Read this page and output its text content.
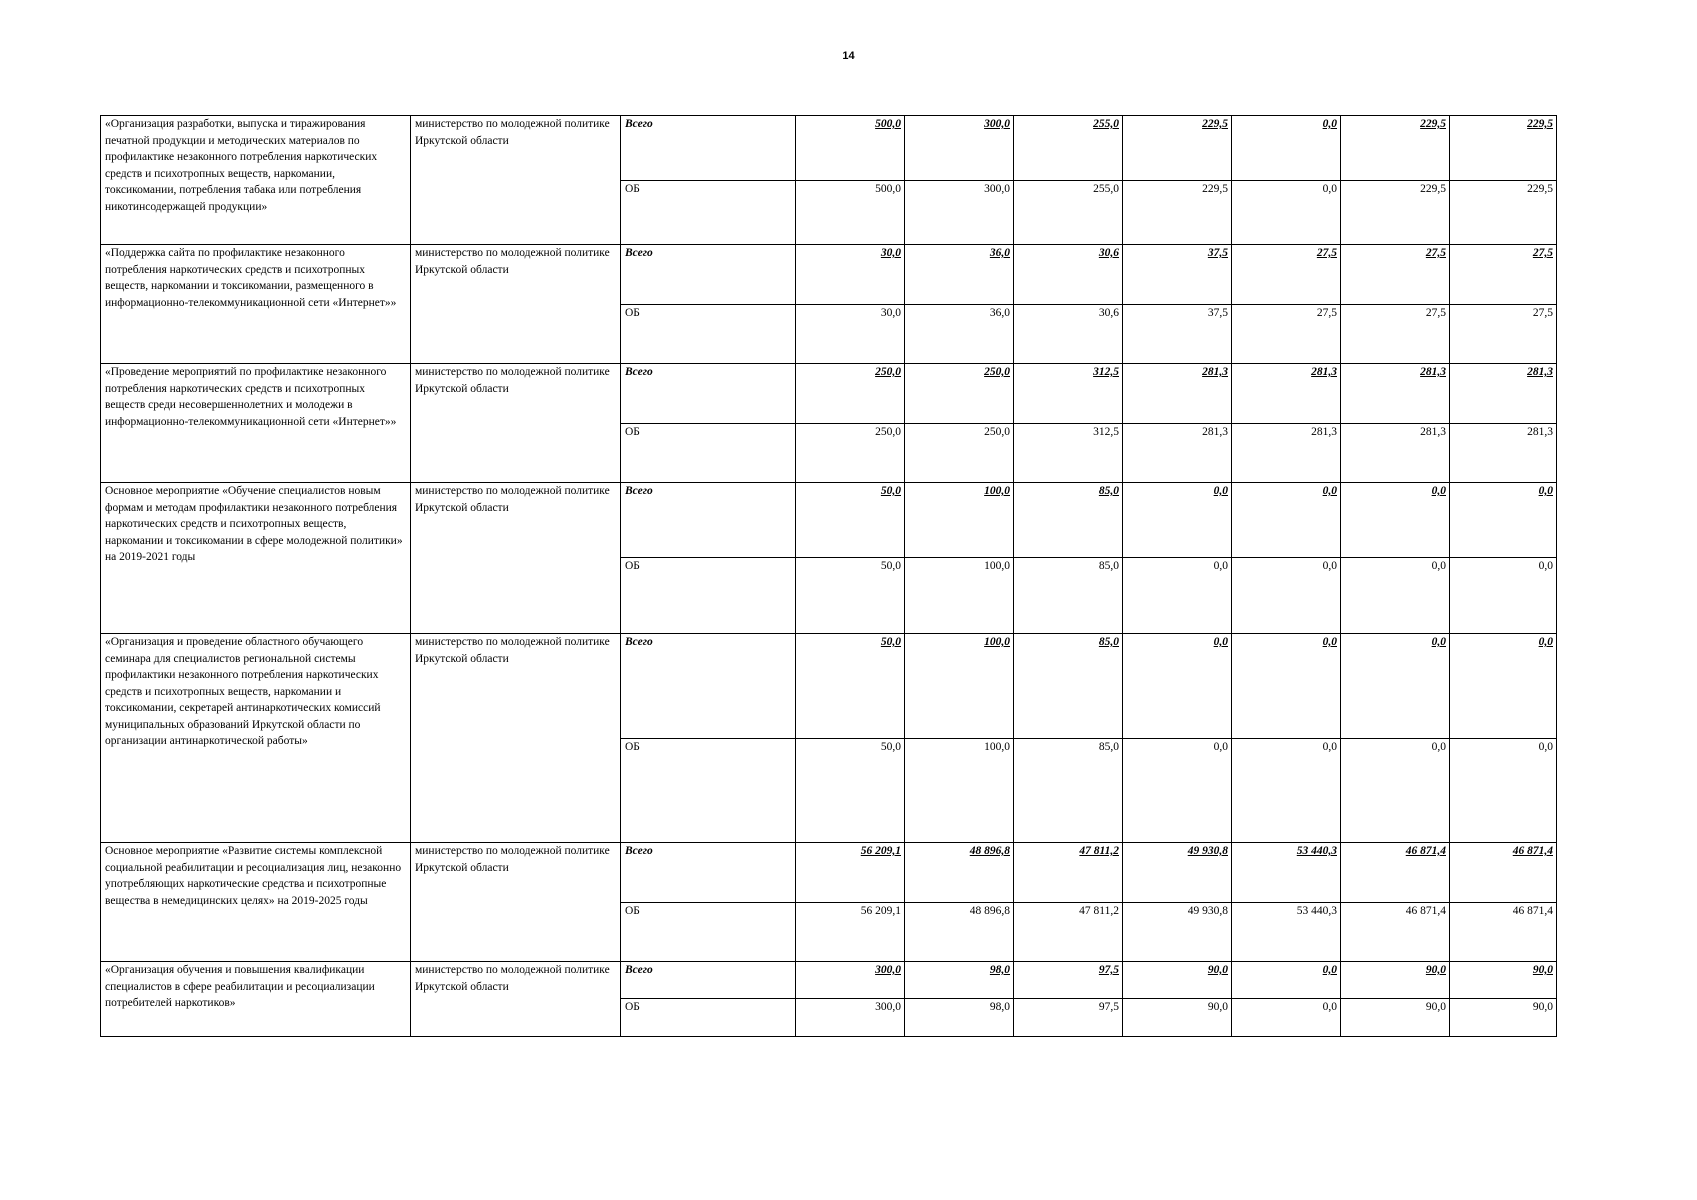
14
«Организация разработки, выпуска и тиражирования печатной продукции и методических материалов по профилактике незаконного потребления наркотических средств и психотропных веществ, наркомании, токсикомании, потребления табака или потребления никотинсодержащей продукции»	министерство по молодежной политике Иркутской области	Всего	500,0	300,0	255,0	229,5	0,0	229,5	229,5
		ОБ	500,0	300,0	255,0	229,5	0,0	229,5	229,5
«Поддержка сайта по профилактике незаконного потребления наркотических средств и психотропных веществ, наркомании и токсикомании, размещенного в информационно-телекоммуникационной сети «Интернет»»	министерство по молодежной политике Иркутской области	Всего	30,0	36,0	30,6	37,5	27,5	27,5	27,5
		ОБ	30,0	36,0	30,6	37,5	27,5	27,5	27,5
«Проведение мероприятий по профилактике незаконного потребления наркотических средств и психотропных веществ среди несовершеннолетних и молодежи в информационно-телекоммуникационной сети «Интернет»»	министерство по молодежной политике Иркутской области	Всего	250,0	250,0	312,5	281,3	281,3	281,3	281,3
		ОБ	250,0	250,0	312,5	281,3	281,3	281,3	281,3
Основное мероприятие «Обучение специалистов новым формам и методам профилактики незаконного потребления наркотических средств и психотропных веществ, наркомании и токсикомании в сфере молодежной политики» на 2019-2021 годы	министерство по молодежной политике Иркутской области	Всего	50,0	100,0	85,0	0,0	0,0	0,0	0,0
		ОБ	50,0	100,0	85,0	0,0	0,0	0,0	0,0
«Организация и проведение областного обучающего семинара для специалистов региональной системы профилактики незаконного потребления наркотических средств и психотропных веществ, наркомании и токсикомании, секретарей антинаркотических комиссий муниципальных образований Иркутской области по организации антинаркотической работы»	министерство по молодежной политике Иркутской области	Всего	50,0	100,0	85,0	0,0	0,0	0,0	0,0
		ОБ	50,0	100,0	85,0	0,0	0,0	0,0	0,0
Основное мероприятие «Развитие системы комплексной социальной реабилитации и ресоциализация лиц, незаконно употребляющих наркотические средства и психотропные вещества в немедицинских целях» на 2019-2025 годы	министерство по молодежной политике Иркутской области	Всего	56 209,1	48 896,8	47 811,2	49 930,8	53 440,3	46 871,4	46 871,4
		ОБ	56 209,1	48 896,8	47 811,2	49 930,8	53 440,3	46 871,4	46 871,4
«Организация обучения и повышения квалификации специалистов в сфере реабилитации и ресоциализации потребителей наркотиков»	министерство по молодежной политике Иркутской области	Всего	300,0	98,0	97,5	90,0	0,0	90,0	90,0
		ОБ	300,0	98,0	97,5	90,0	0,0	90,0	90,0
